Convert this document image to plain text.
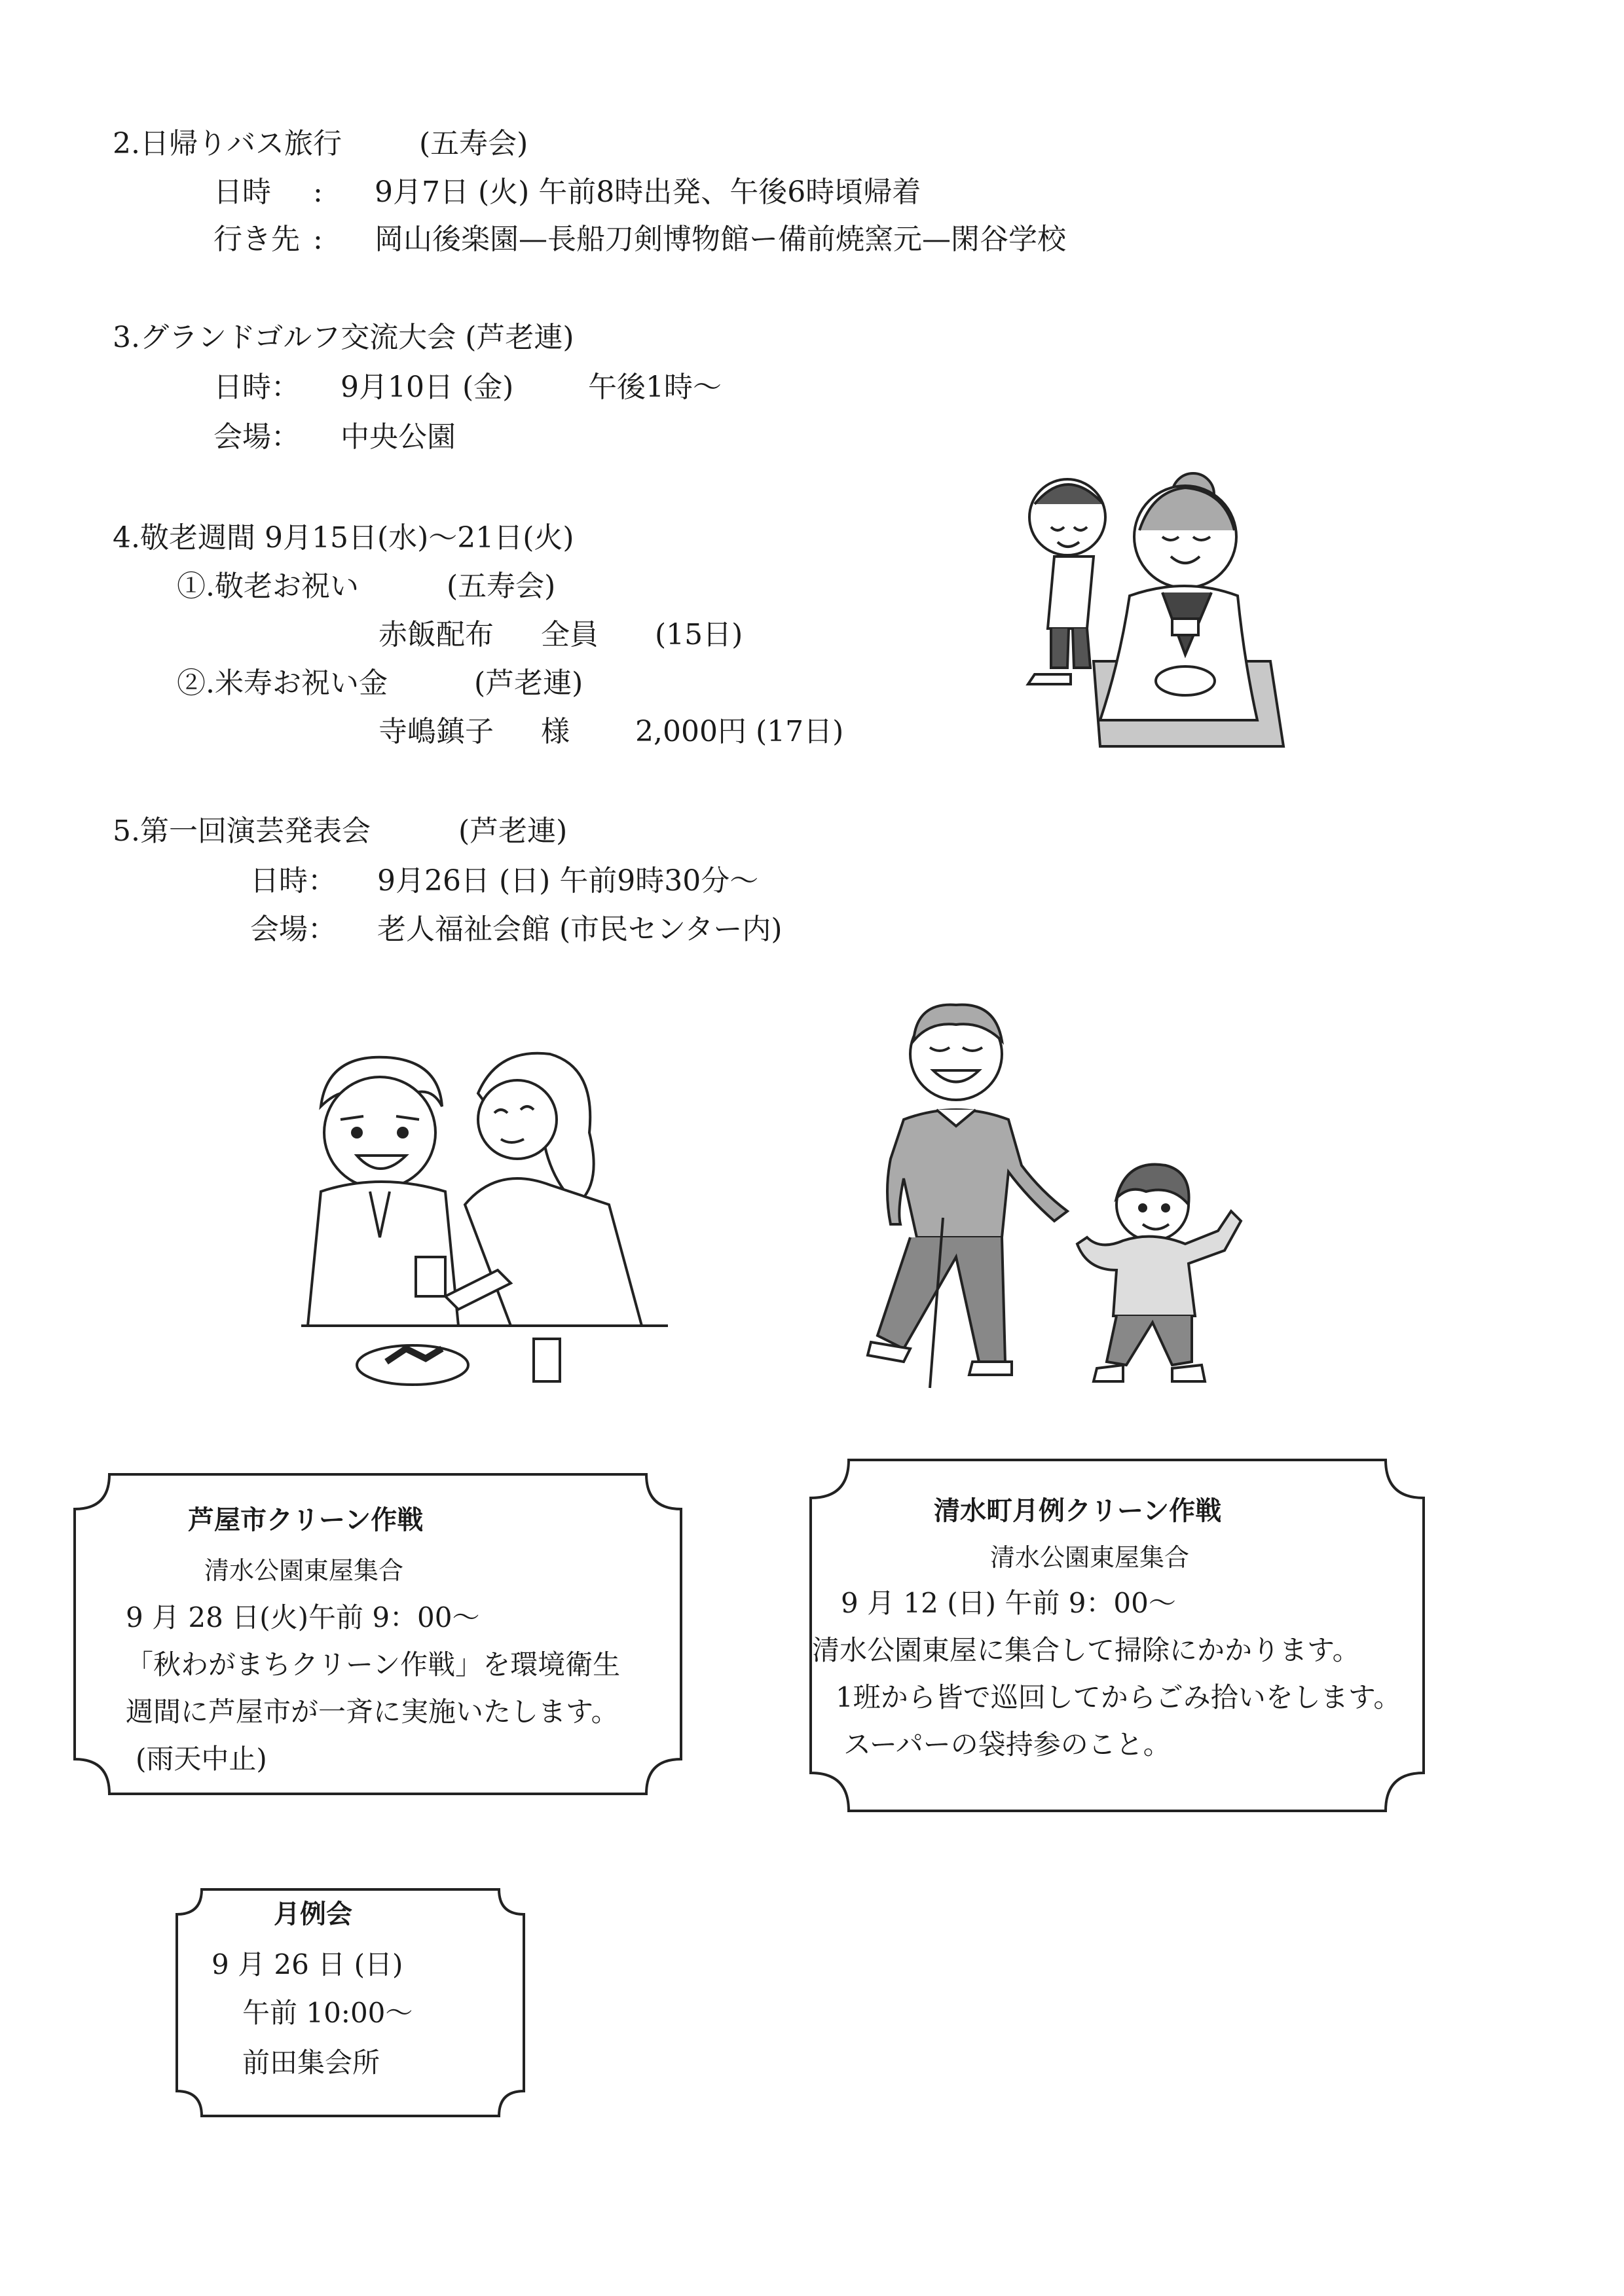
2.日帰りバス旅行	(五寿会)
日時 : 9月7日 (火) 午前8時出発、午後6時頃帰着
行き先 : 岡山後楽園—長船刀剣博物館ー備前焼窯元—閑谷学校
3.グランドゴルフ交流大会 (芦老連)
日時： 9月10日 (金)	午後1時〜
会場： 中央公園
4.敬老週間 9月15日(水)〜21日(火)
①.敬老お祝い	(五寿会)
赤飯配布 全員 (15日)
②.米寿お祝い金	(芦老連)
寺嶋鎮子 様 2,000円 (17日)
5.第一回演芸発表会	(芦老連)
日時： 9月26日 (日) 午前9時30分〜
会場： 老人福祉会館 (市民センター内)
芦屋市クリーン作戦
清水公園東屋集合
9 月 28 日(火)午前 9：00〜
「秋わがまちクリーン作戦」を環境衛生
週間に芦屋市が一斉に実施いたします。
(雨天中止)
清水町月例クリーン作戦
清水公園東屋集合
9 月 12 (日) 午前 9：00〜
清水公園東屋に集合して掃除にかかります。
1班から皆で巡回してからごみ拾いをします。
スーパーの袋持参のこと。
月例会
9 月 26 日 (日)
午前 10:00〜
前田集会所
